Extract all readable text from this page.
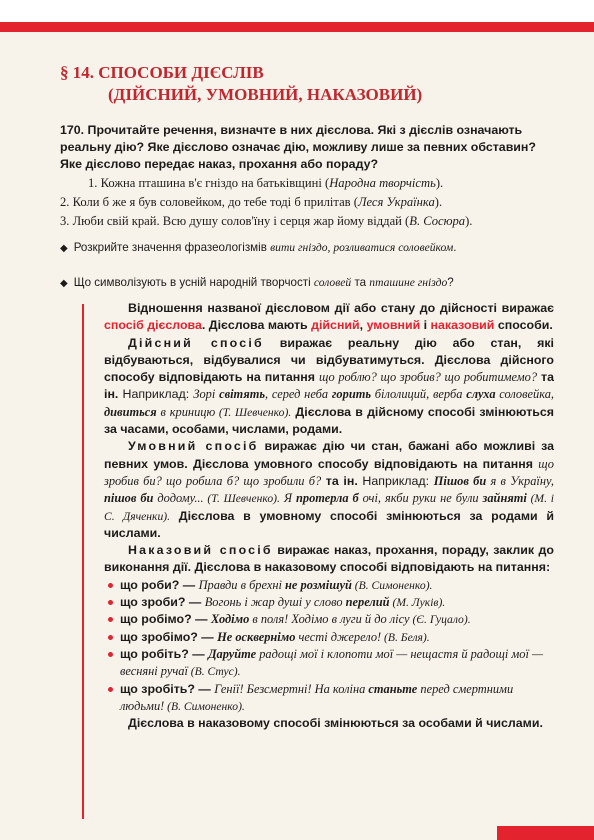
§ 14. СПОСОБИ ДІЄСЛІВ
(ДІЙСНИЙ, УМОВНИЙ, НАКАЗОВИЙ)
170. Прочитайте речення, визначте в них дієслова. Які з дієслів означають реальну дію? Яке дієслово означає дію, можливу лише за певних обставин? Яке дієслово передає наказ, прохання або пораду?

1. Кожна пташина в'є гніздо на батьківщині (Народна творчість).

2. Коли б же я був соловейком, до тебе тоді б прилітав (Леся Українка).

3. Люби свій край. Всю душу солов'їну і серця жар йому віддай (В. Сосюра).

◆ Розкрийте значення фразеологізмів вити гніздо, розливатися соловейком.
◆ Що символізують в усній народній творчості соловей та пташине гніздо?

Відношення названої дієсловом дії або стану до дійсності виражає спосіб дієслова. Дієслова мають дійсний, умовний і наказовий способи.

Дійсний спосіб виражає реальну дію або стан, які відбуваються, відбувалися чи відбуватимуться. Дієслова дійсного способу відповідають на питання що роблю? що зробив? що робитимемо? та ін. Наприклад: Зорі світять, серед неба горить білолиций, верба слуха соловейка, дивиться в криницю (Т. Шевченко). Дієслова в дійсному способі змінюються за часами, особами, числами, родами.

Умовний спосіб виражає дію чи стан, бажані або можливі за певних умов. Дієслова умовного способу відповідають на питання що зробив би? що робила б? що зробили б? та ін. Наприклад: Пішов би я в Україну, пішов би додому... (Т. Шевченко). Я протерла б очі, якби руки не були зайняті (М. і С. Дяченки). Дієслова в умовному способі змінюються за родами й числами.

Наказовий спосіб виражає наказ, прохання, пораду, заклик до виконання дії. Дієслова в наказовому способі відповідають на питання:

що роби? — Правди в брехні не розмішуй (В. Симоненко).
що зроби? — Вогонь і жар душі у слово перелий (М. Луків).
що робімо? — Ходімо в поля! Ходімо в луги й до лісу (Є. Гуцало).
що зробімо? — Не осквернімо честі джерело! (В. Беля).
що робіть? — Даруйте радощі мої і клопоти мої — нещастя й радощі мої — весняні ручаї (В. Стус).
що зробіть? — Генії! Безсмертні! На коліна станьте перед смертними людьми! (В. Симоненко).

Дієслова в наказовому способі змінюються за особами й числами.
